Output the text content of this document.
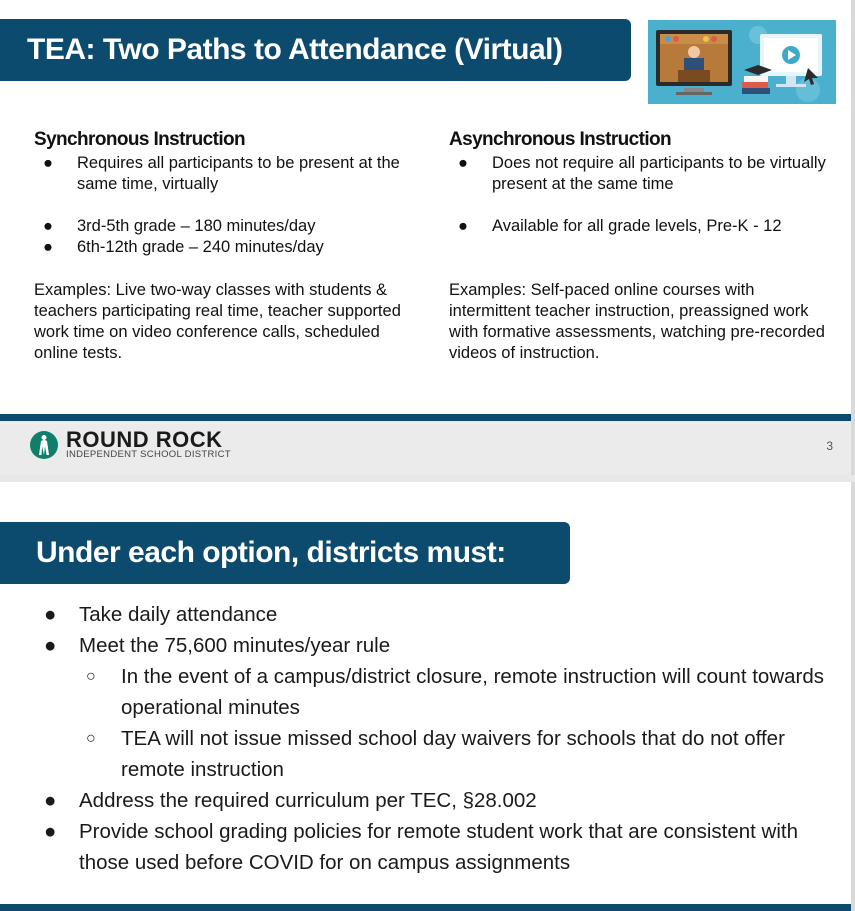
TEA: Two Paths to Attendance (Virtual)
Synchronous Instruction
● Requires all participants to be present at the same time, virtually
● 3rd-5th grade – 180 minutes/day
● 6th-12th grade – 240 minutes/day
Examples: Live two-way classes with students & teachers participating real time, teacher supported work time on video conference calls, scheduled online tests.
Asynchronous Instruction
● Does not require all participants to be virtually present at the same time
● Available for all grade levels, Pre-K - 12
Examples: Self-paced online courses with intermittent teacher instruction, preassigned work with formative assessments, watching pre-recorded videos of instruction.
ROUND ROCK
INDEPENDENT SCHOOL DISTRICT
3
Under each option, districts must:
● Take daily attendance
● Meet the 75,600 minutes/year rule
○ In the event of a campus/district closure, remote instruction will count towards operational minutes
○ TEA will not issue missed school day waivers for schools that do not offer remote instruction
● Address the required curriculum per TEC, §28.002
● Provide school grading policies for remote student work that are consistent with those used before COVID for on campus assignments
